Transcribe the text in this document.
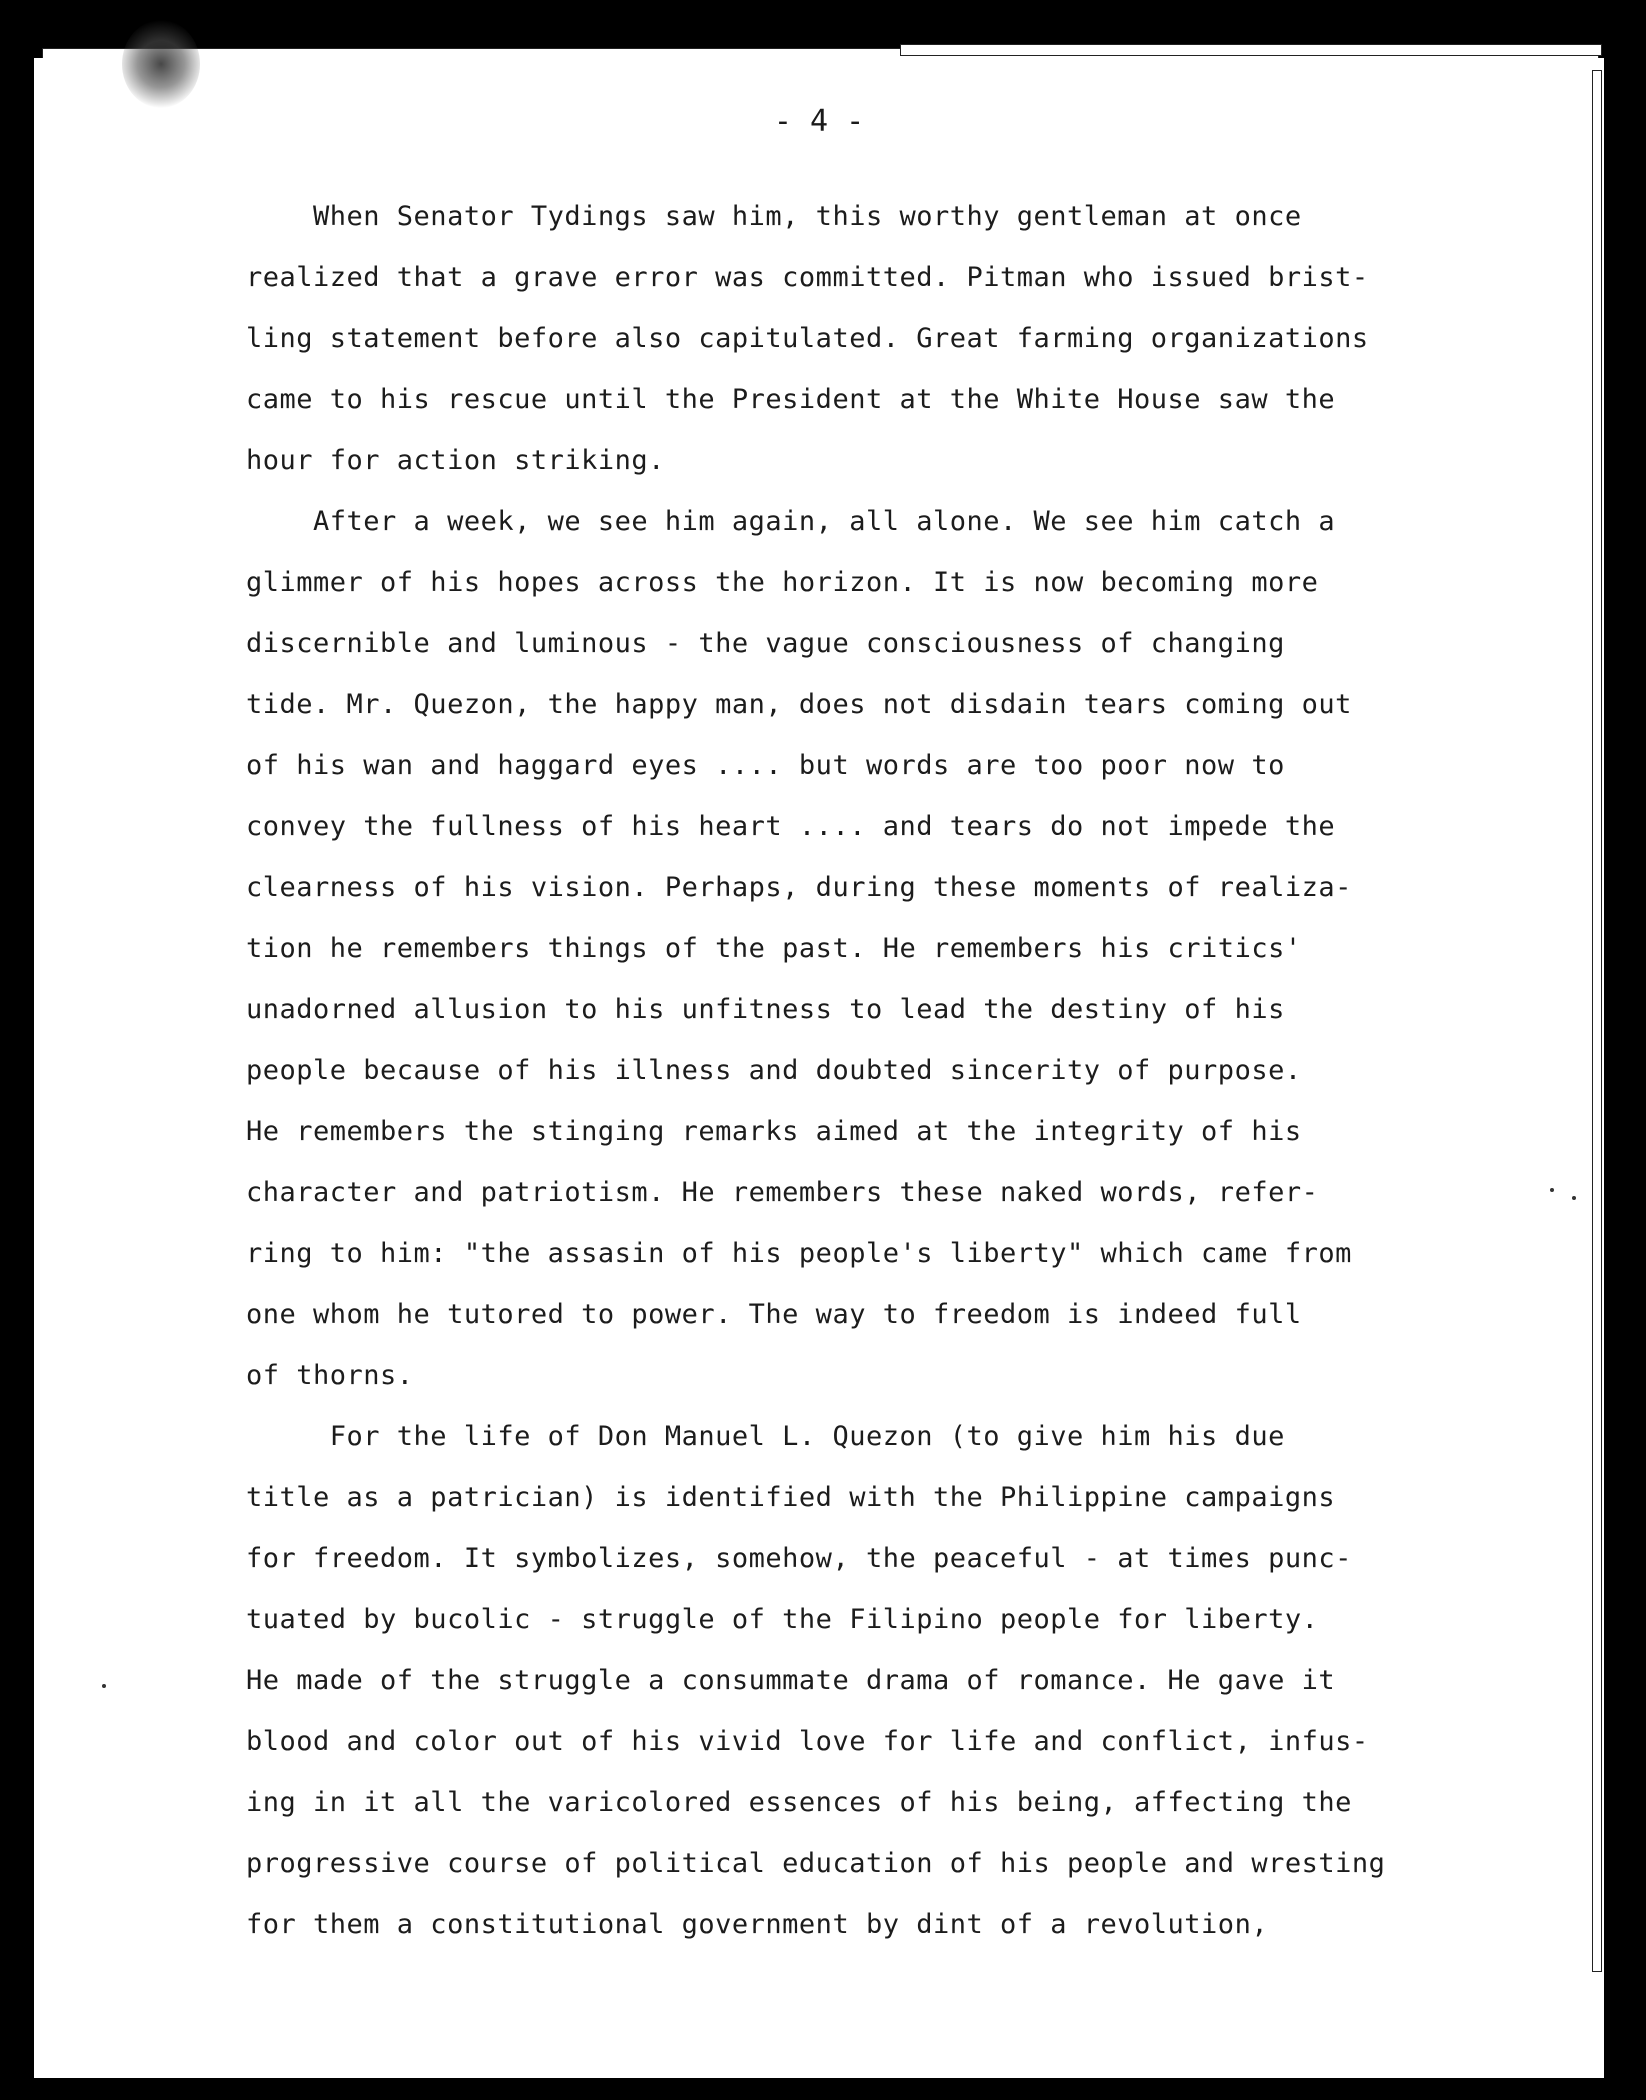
- 4 -
When Senator Tydings saw him, this worthy gentleman at once
realized that a grave error was committed. Pitman who issued brist-
ling statement before also capitulated. Great farming organizations
came to his rescue until the President at the White House saw the
hour for action striking.
After a week, we see him again, all alone. We see him catch a
glimmer of his hopes across the horizon. It is now becoming more
discernible and luminous - the vague consciousness of changing
tide. Mr. Quezon, the happy man, does not disdain tears coming out
of his wan and haggard eyes .... but words are too poor now to
convey the fullness of his heart .... and tears do not impede the
clearness of his vision. Perhaps, during these moments of realiza-
tion he remembers things of the past. He remembers his critics'
unadorned allusion to his unfitness to lead the destiny of his
people because of his illness and doubted sincerity of purpose.
He remembers the stinging remarks aimed at the integrity of his
character and patriotism. He remembers these naked words, refer-
ring to him: "the assasin of his people's liberty" which came from
one whom he tutored to power. The way to freedom is indeed full
of thorns.
For the life of Don Manuel L. Quezon (to give him his due
title as a patrician) is identified with the Philippine campaigns
for freedom. It symbolizes, somehow, the peaceful - at times punc-
tuated by bucolic - struggle of the Filipino people for liberty.
He made of the struggle a consummate drama of romance. He gave it
blood and color out of his vivid love for life and conflict, infus-
ing in it all the varicolored essences of his being, affecting the
progressive course of political education of his people and wresting
for them a constitutional government by dint of a revolution,
